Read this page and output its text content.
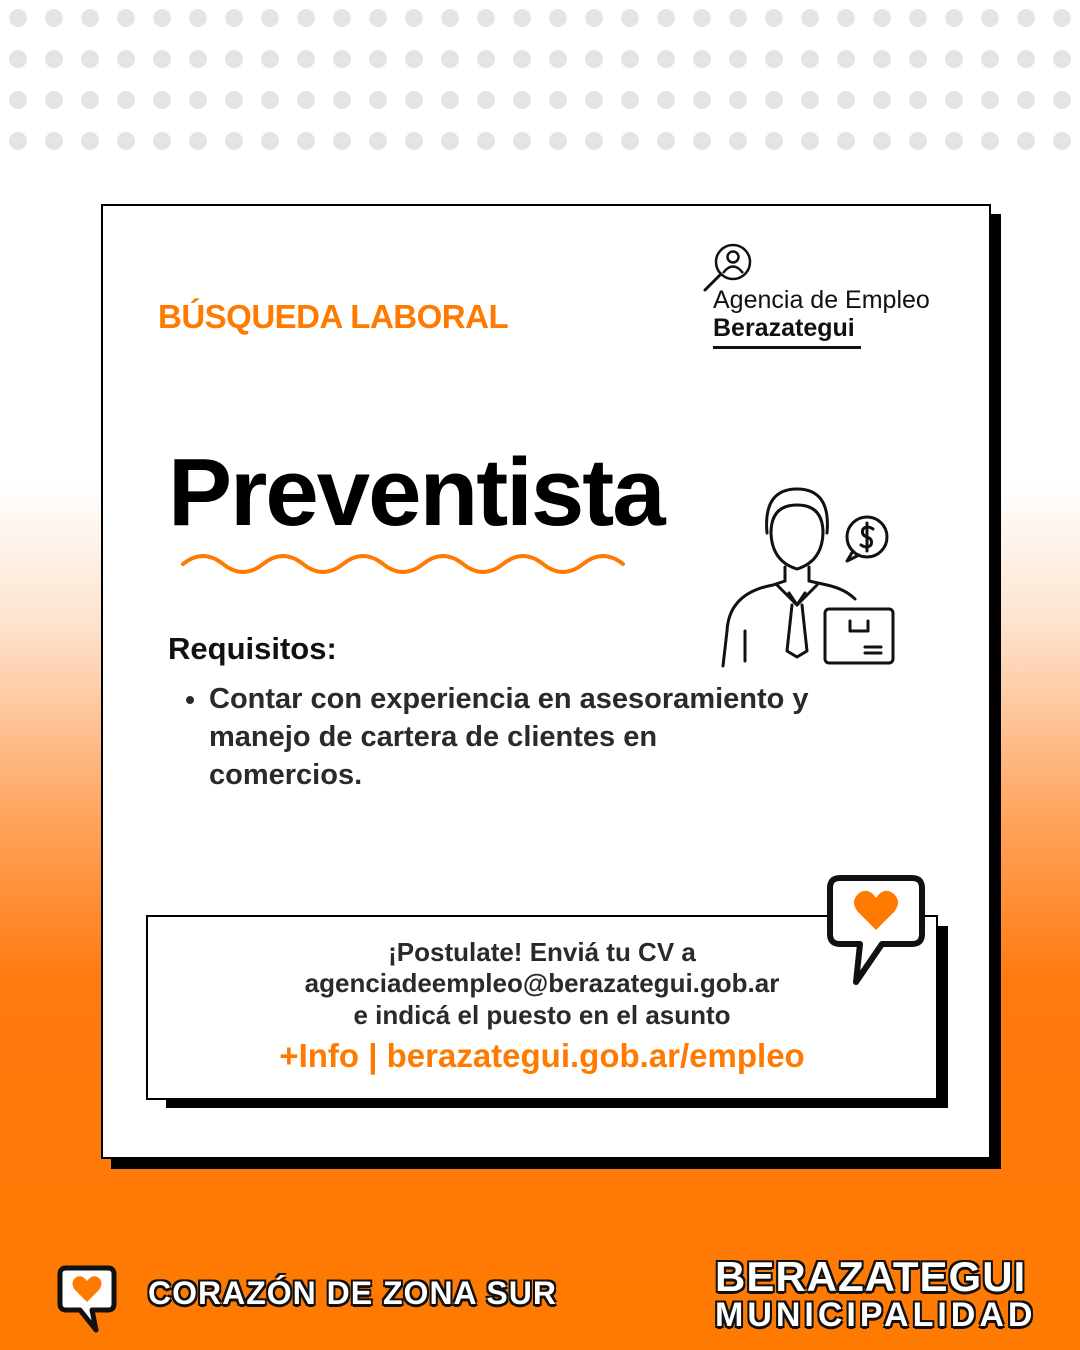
BÚSQUEDA LABORAL	Agencia de Empleo
Berazategui
Preventista
Requisitos:
• Contar con experiencia en asesoramiento y manejo de cartera de clientes en comercios.
¡Postulate! Enviá tu CV a
agenciadeempleo@berazategui.gob.ar
e indicá el puesto en el asunto
+Info | berazategui.gob.ar/empleo
CORAZÓN DE ZONA SUR	BERAZATEGUI
MUNICIPALIDAD
